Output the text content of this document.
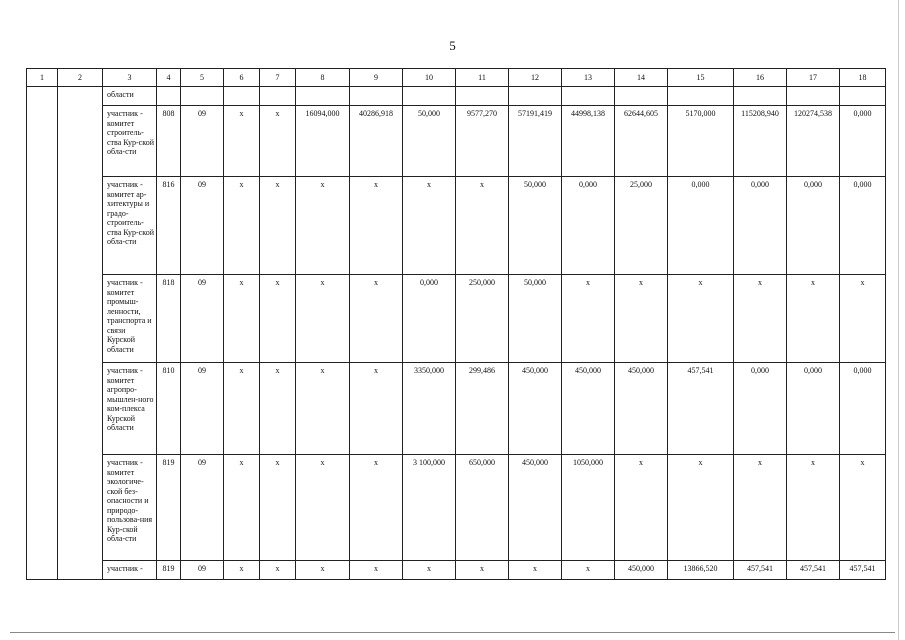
5
1	2	3	4	5	6	7	8	9	10	11	12	13	14	15	16	17	18
		области															
		участник - комитет строитель-ства Кур-ской обла-сти	808	09	х	х	16094,000	40286,918	50,000	9577,270	57191,419	44998,138	62644,605	5170,000	115208,940	120274,538	0,000
		участник - комитет ар-хитектуры и градо-строитель-ства Кур-ской обла-сти	816	09	х	х	х	х	х	х	50,000	0,000	25,000	0,000	0,000	0,000	0,000
		участник - комитет промыш-ленности, транспорта и связи Курской области	818	09	х	х	х	х	0,000	250,000	50,000	х	х	х	х	х	х
		участник - комитет агропро-мышлен-ного ком-плекса Курской области	810	09	х	х	х	х	3350,000	299,486	450,000	450,000	450,000	457,541	0,000	0,000	0,000
		участник - комитет экологиче-ской без-опасности и природо-пользова-ния Кур-ской обла-сти	819	09	х	х	х	х	3 100,000	650,000	450,000	1050,000	х	х	х	х	х
		участник -	819	09	х	х	х	х	х	х	х	х	450,000	13866,520	457,541	457,541	457,541
